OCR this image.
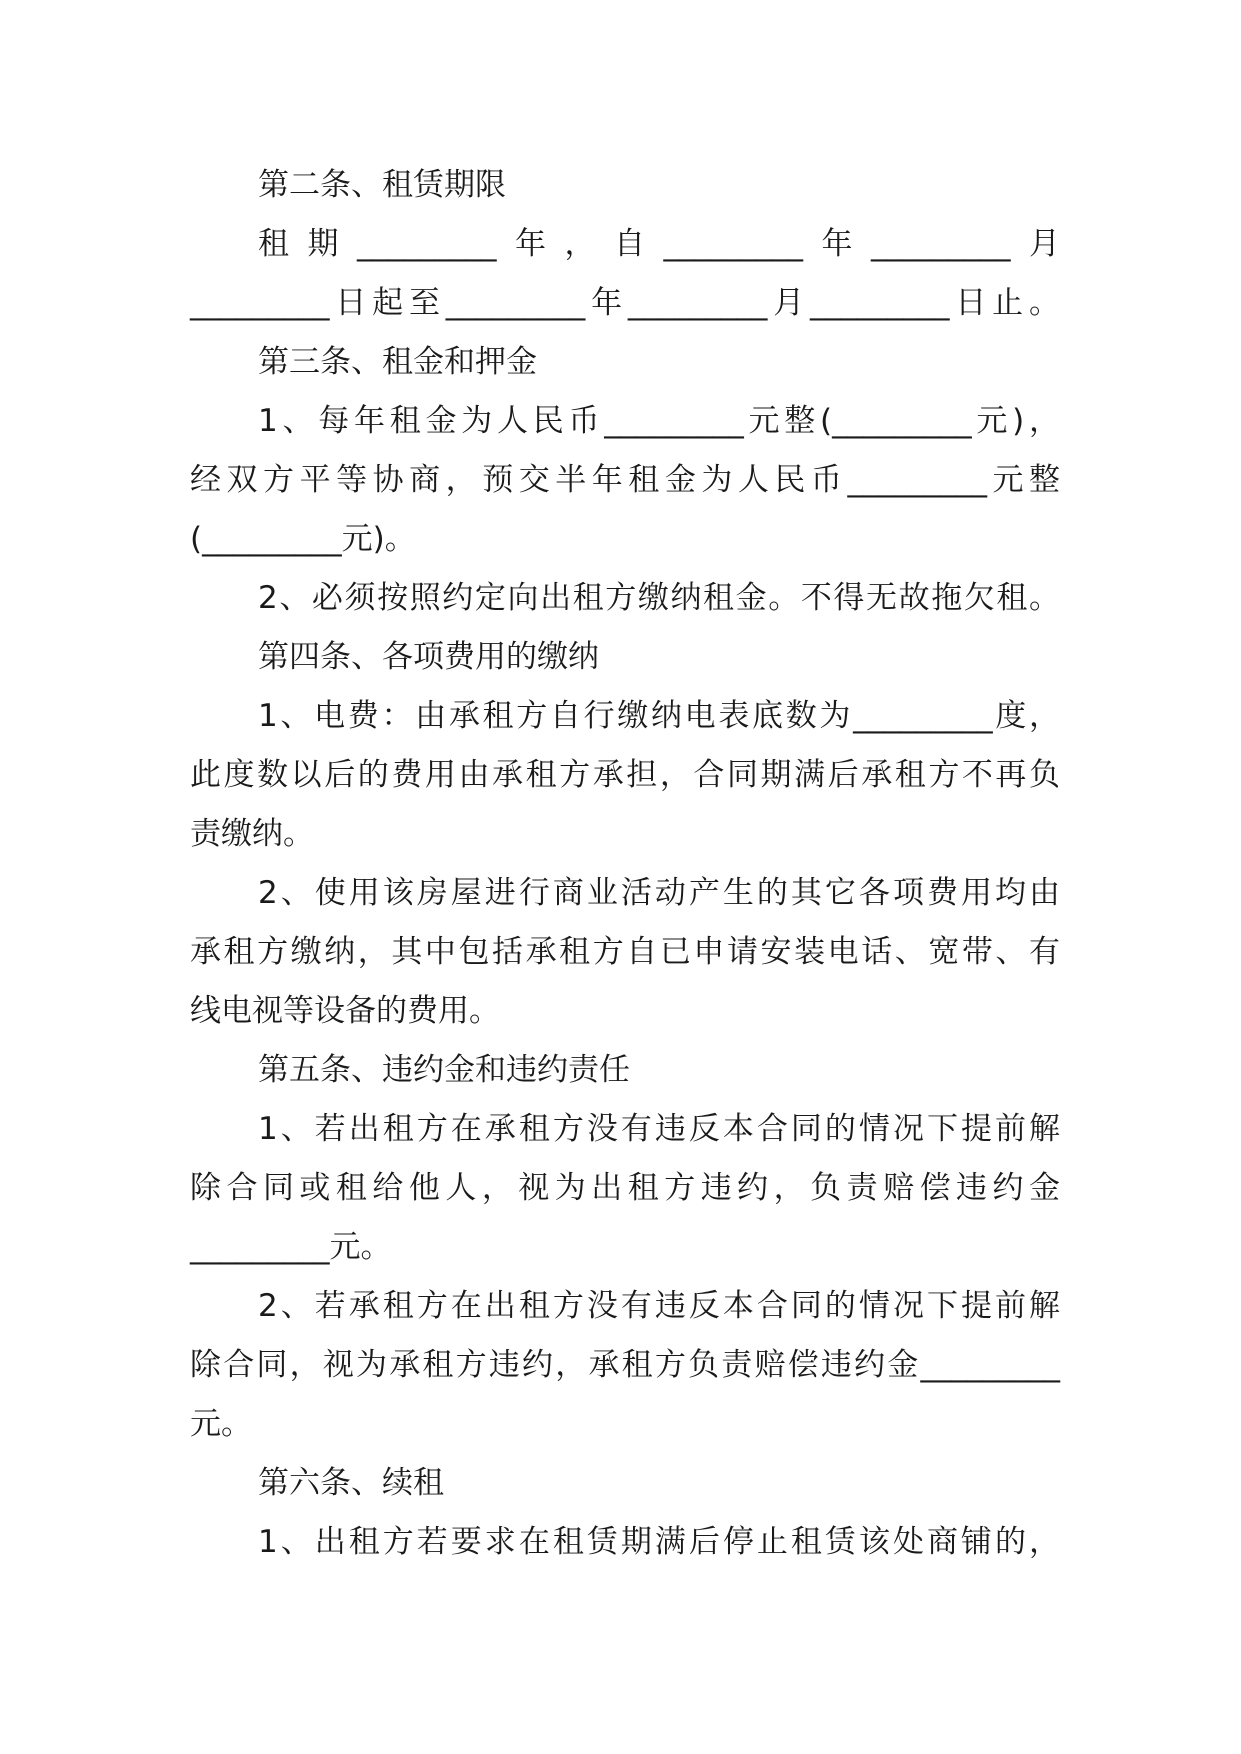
第二条、租赁期限
租期_________年，自_________年_________月
_________日起至_________年_________月_________日止。
第三条、租金和押金
1、每年租金为人民币_________元整(_________元)，
经双方平等协商，预交半年租金为人民币_________元整
(_________元)。
2、必须按照约定向出租方缴纳租金。不得无故拖欠租。
第四条、各项费用的缴纳
1、电费：由承租方自行缴纳电表底数为_________度，
此度数以后的费用由承租方承担，合同期满后承租方不再负
责缴纳。
2、使用该房屋进行商业活动产生的其它各项费用均由
承租方缴纳，其中包括承租方自已申请安装电话、宽带、有
线电视等设备的费用。
第五条、违约金和违约责任
1、若出租方在承租方没有违反本合同的情况下提前解
除合同或租给他人，视为出租方违约，负责赔偿违约金
_________元。
2、若承租方在出租方没有违反本合同的情况下提前解
除合同，视为承租方违约，承租方负责赔偿违约金_________
元。
第六条、续租
1、出租方若要求在租赁期满后停止租赁该处商铺的，
